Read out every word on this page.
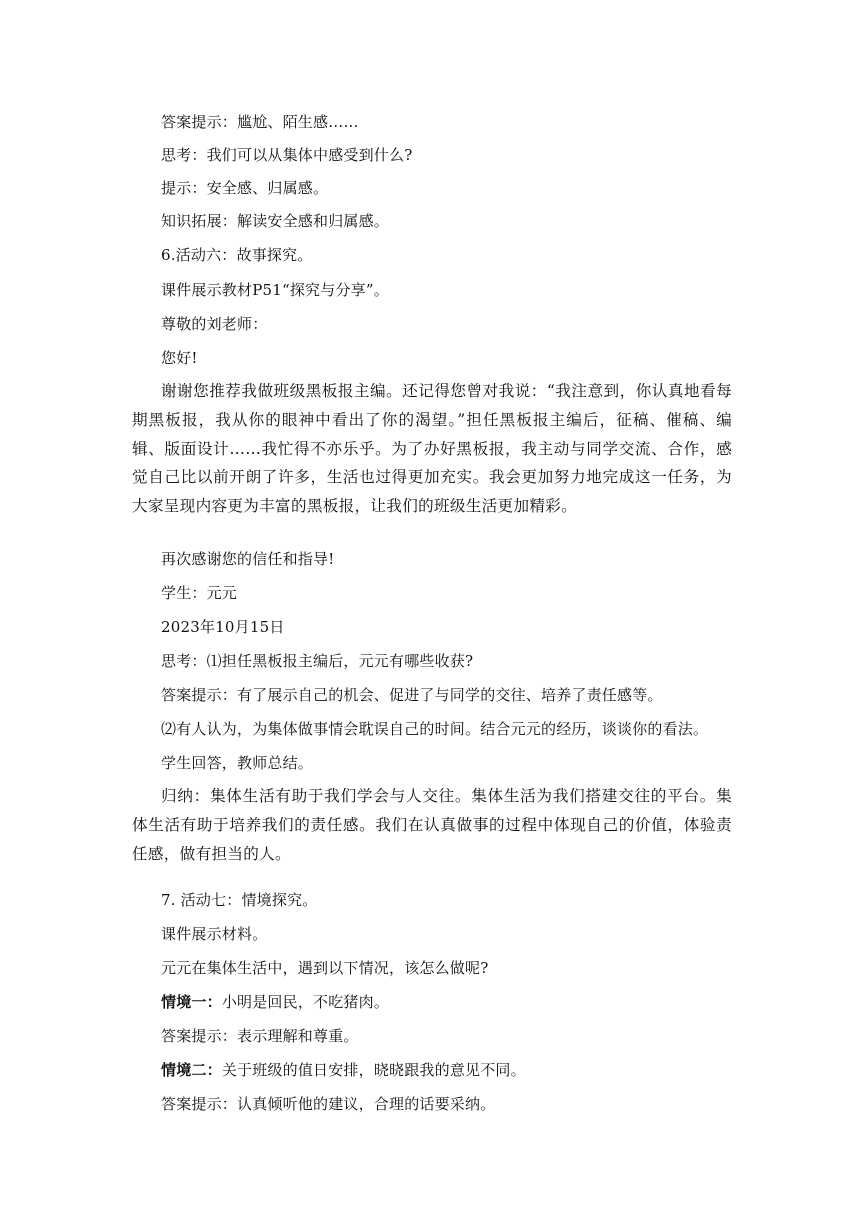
答案提示：尴尬、陌生感……
思考：我们可以从集体中感受到什么?
提示：安全感、归属感。
知识拓展：解读安全感和归属感。
6.活动六：故事探究。
课件展示教材P51“探究与分享”。
尊敬的刘老师：
您好!
谢谢您推荐我做班级黑板报主编。还记得您曾对我说：“我注意到，你认真地看每期黑板报，我从你的眼神中看出了你的渴望。”担任黑板报主编后，征稿、催稿、编辑、版面设计……我忙得不亦乐乎。为了办好黑板报，我主动与同学交流、合作，感觉自己比以前开朗了许多，生活也过得更加充实。我会更加努力地完成这一任务，为大家呈现内容更为丰富的黑板报，让我们的班级生活更加精彩。
再次感谢您的信任和指导!
学生：元元
2023年10月15日
思考：⑴担任黑板报主编后，元元有哪些收获?
答案提示：有了展示自己的机会、促进了与同学的交往、培养了责任感等。
⑵有人认为，为集体做事情会耽误自己的时间。结合元元的经历，谈谈你的看法。
学生回答，教师总结。
归纳：集体生活有助于我们学会与人交往。集体生活为我们搭建交往的平台。集体生活有助于培养我们的责任感。我们在认真做事的过程中体现自己的价值，体验责任感，做有担当的人。
7. 活动七：情境探究。
课件展示材料。
元元在集体生活中，遇到以下情况，该怎么做呢?
情境一：小明是回民，不吃猪肉。
答案提示：表示理解和尊重。
情境二：关于班级的值日安排，晓晓跟我的意见不同。
答案提示：认真倾听他的建议，合理的话要采纳。
